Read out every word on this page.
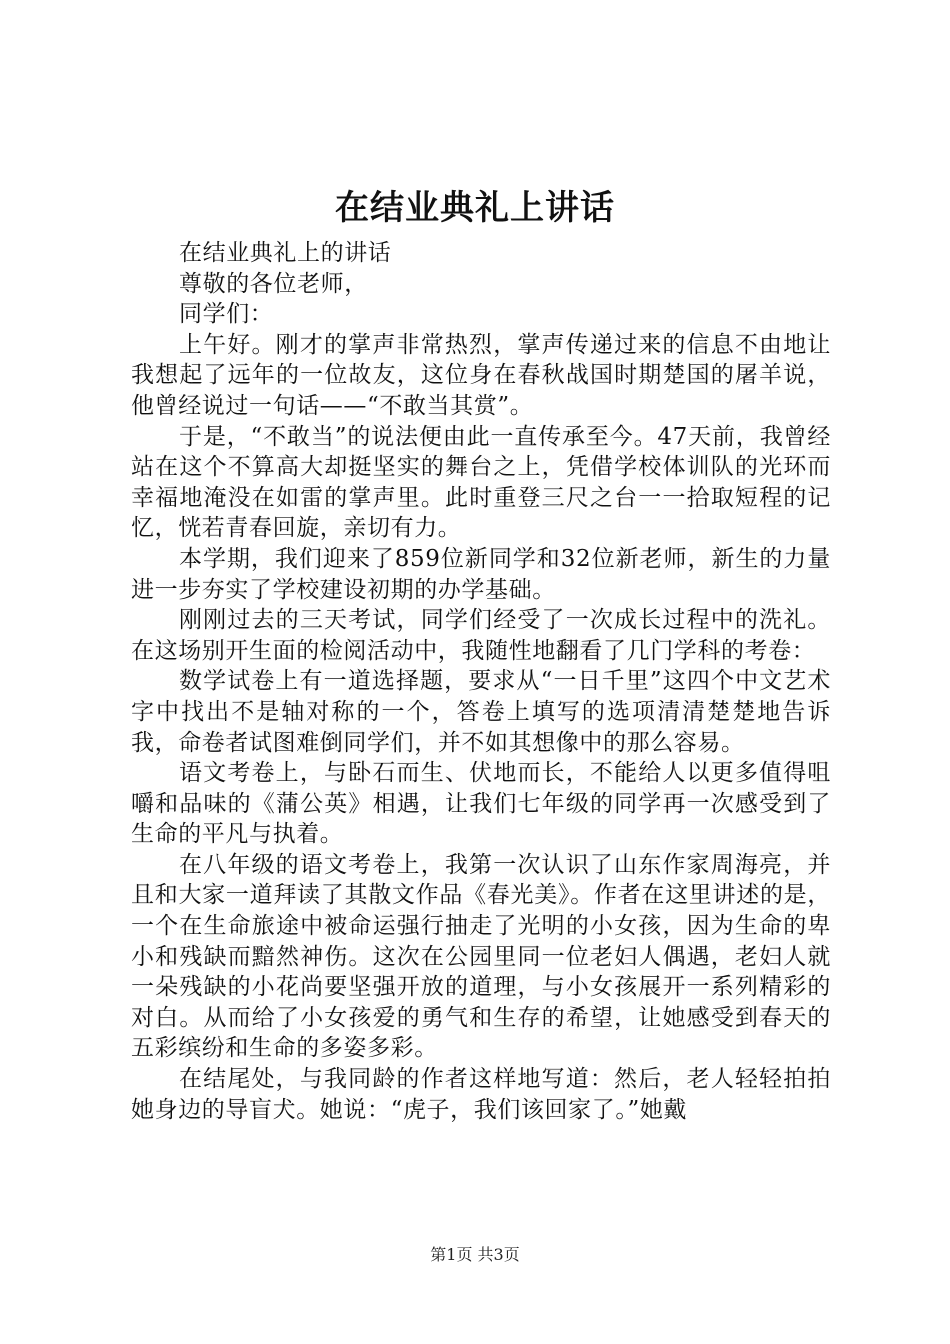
在结业典礼上讲话

在结业典礼上的讲话

尊敬的各位老师，

同学们：

上午好。刚才的掌声非常热烈，掌声传递过来的信息不由地让我想起了远年的一位故友，这位身在春秋战国时期楚国的屠羊说，他曾经说过一句话——“不敢当其赏”。

于是，“不敢当”的说法便由此一直传承至今。47天前，我曾经站在这个不算高大却挺坚实的舞台之上，凭借学校体训队的光环而幸福地淹没在如雷的掌声里。此时重登三尺之台一一拾取短程的记忆，恍若青春回旋，亲切有力。

本学期，我们迎来了859位新同学和32位新老师，新生的力量进一步夯实了学校建设初期的办学基础。

刚刚过去的三天考试，同学们经受了一次成长过程中的洗礼。在这场别开生面的检阅活动中，我随性地翻看了几门学科的考卷：

数学试卷上有一道选择题，要求从“一日千里”这四个中文艺术字中找出不是轴对称的一个，答卷上填写的选项清清楚楚地告诉我，命卷者试图难倒同学们，并不如其想像中的那么容易。

语文考卷上，与卧石而生、伏地而长，不能给人以更多值得咀嚼和品味的《蒲公英》相遇，让我们七年级的同学再一次感受到了生命的平凡与执着。

在八年级的语文考卷上，我第一次认识了山东作家周海亮，并且和大家一道拜读了其散文作品《春光美》。作者在这里讲述的是，一个在生命旅途中被命运强行抽走了光明的小女孩，因为生命的卑小和残缺而黯然神伤。这次在公园里同一位老妇人偶遇，老妇人就一朵残缺的小花尚要坚强开放的道理，与小女孩展开一系列精彩的对白。从而给了小女孩爱的勇气和生存的希望，让她感受到春天的五彩缤纷和生命的多姿多彩。

在结尾处，与我同龄的作者这样地写道：然后，老人轻轻拍拍她身边的导盲犬。她说：“虎子，我们该回家了。”她戴

第1页 共3页
